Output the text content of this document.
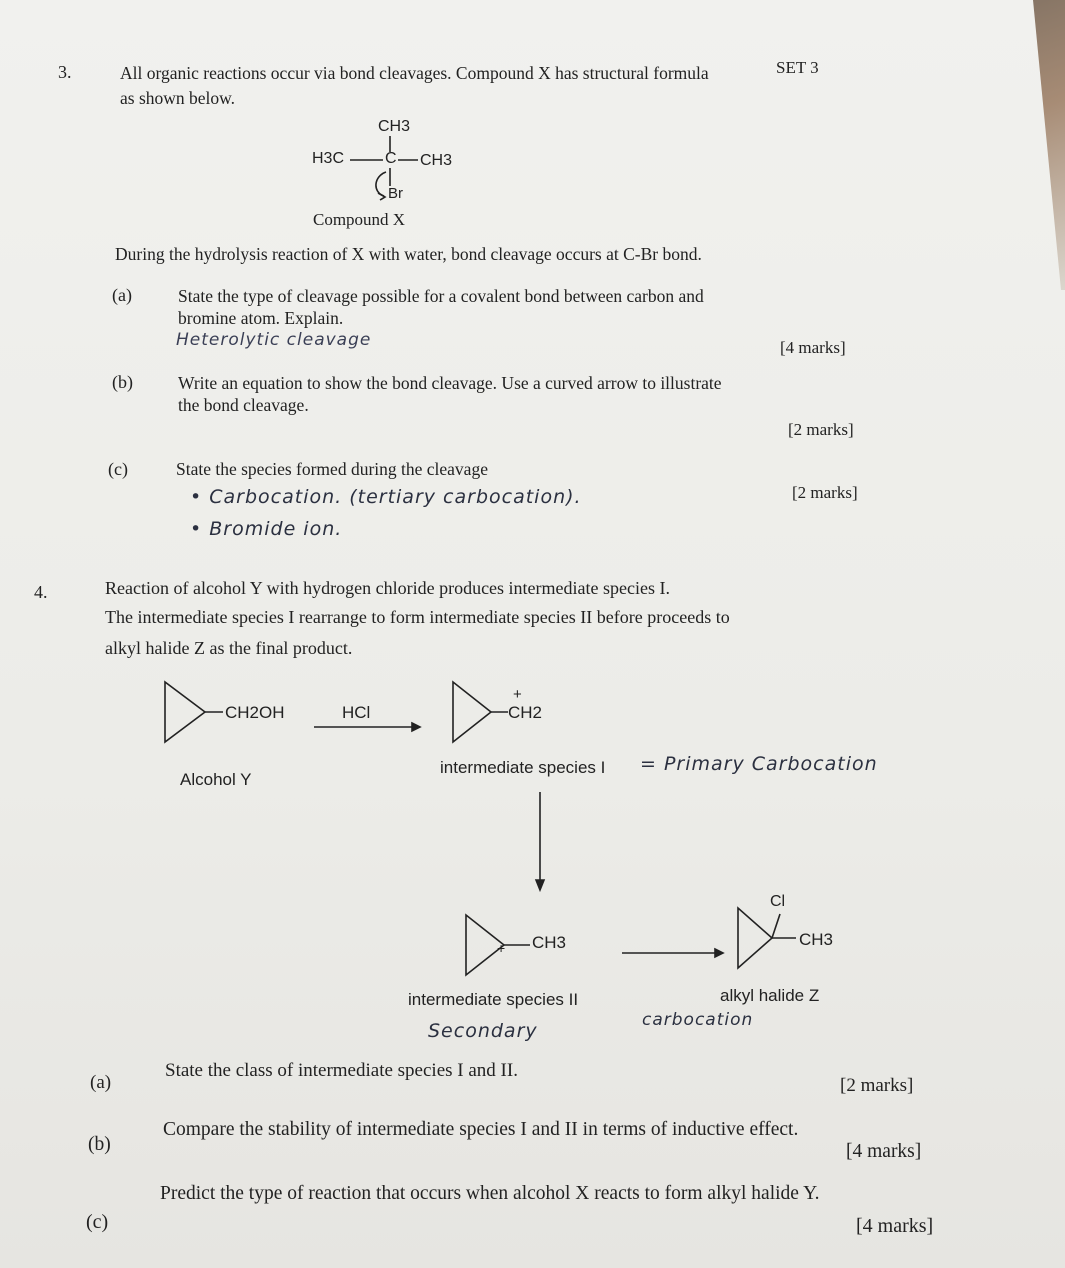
SET 3
3.	All organic reactions occur via bond cleavages. Compound X has structural formula
as shown below.
CH3
H3C	C CH3
Br
Compound X
During the hydrolysis reaction of X with water, bond cleavage occurs at C-Br bond.
(a)	State the type of cleavage possible for a covalent bond between carbon and
bromine atom. Explain.
Heterolytic cleavage	[4 marks]
(b)	Write an equation to show the bond cleavage. Use a curved arrow to illustrate
the bond cleavage.
[2 marks]
(c)	State the species formed during the cleavage
[2 marks]
• Carbocation. (tertiary carbocation).
• Bromide ion.
4.	Reaction of alcohol Y with hydrogen chloride produces intermediate species I.
The intermediate species I rearrange to form intermediate species II before proceeds to
alkyl halide Z as the final product.
CH2OH	HCl
+
CH2
Alcohol Y
intermediate species I = Primary Carbocation
+ CH3
Cl
CH3
intermediate species II	alkyl halide Z
Secondary	carbocation
(a)
State the class of intermediate species I and II.
[2 marks]
(b)
Compare the stability of intermediate species I and II in terms of inductive effect.
[4 marks]
(c)
Predict the type of reaction that occurs when alcohol X reacts to form alkyl halide Y.
[4 marks]
